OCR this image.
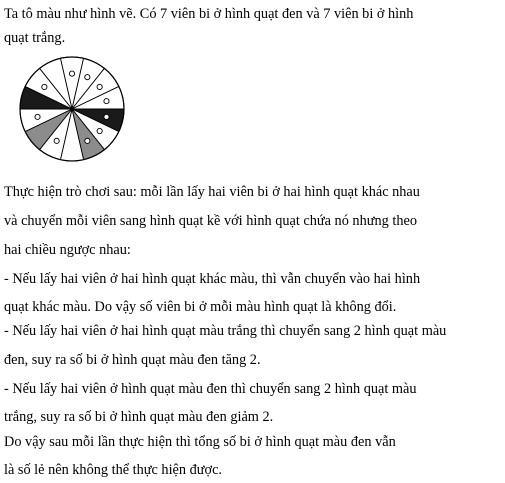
Ta tô màu như hình vẽ. Có 7 viên bi ở hình quạt đen và 7 viên bi ở hình
quạt trắng.
Thực hiện trò chơi sau: mỗi lần lấy hai viên bi ở hai hình quạt khác nhau
và chuyển mỗi viên sang hình quạt kề với hình quạt chứa nó nhưng theo
hai chiều ngược nhau:
- Nếu lấy hai viên ở hai hình quạt khác màu, thì vẫn chuyển vào hai hình
quạt khác màu. Do vậy số viên bi ở mỗi màu hình quạt là không đổi.
- Nếu lấy hai viên ở hai hình quạt màu trắng thì chuyển sang 2 hình quạt màu
đen, suy ra số bi ở hình quạt màu đen tăng 2.
- Nếu lấy hai viên ở hình quạt màu đen thì chuyển sang 2 hình quạt màu
trắng, suy ra số bi ở hình quạt màu đen giảm 2.
Do vậy sau mỗi lần thực hiện thì tổng số bi ở hình quạt màu đen vẫn
là số lẻ nên không thể thực hiện được.
